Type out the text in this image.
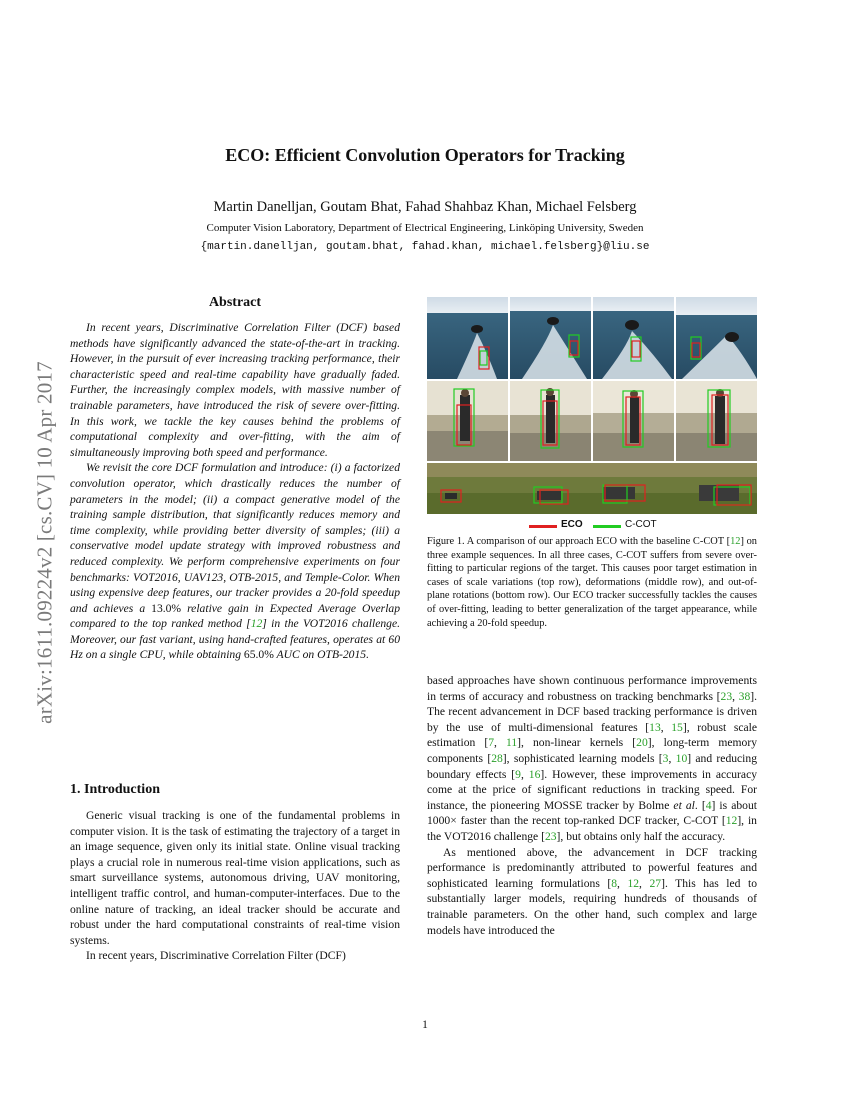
arXiv:1611.09224v2 [cs.CV] 10 Apr 2017
ECO: Efficient Convolution Operators for Tracking
Martin Danelljan, Goutam Bhat, Fahad Shahbaz Khan, Michael Felsberg
Computer Vision Laboratory, Department of Electrical Engineering, Linköping University, Sweden
{martin.danelljan, goutam.bhat, fahad.khan, michael.felsberg}@liu.se
Abstract

In recent years, Discriminative Correlation Filter (DCF) based methods have significantly advanced the state-of-the-art in tracking. However, in the pursuit of ever increasing tracking performance, their characteristic speed and real-time capability have gradually faded. Further, the increasingly complex models, with massive number of trainable parameters, have introduced the risk of severe over-fitting. In this work, we tackle the key causes behind the problems of computational complexity and over-fitting, with the aim of simultaneously improving both speed and performance.

We revisit the core DCF formulation and introduce: (i) a factorized convolution operator, which drastically reduces the number of parameters in the model; (ii) a compact generative model of the training sample distribution, that significantly reduces memory and time complexity, while providing better diversity of samples; (iii) a conservative model update strategy with improved robustness and reduced complexity. We perform comprehensive experiments on four benchmarks: VOT2016, UAV123, OTB-2015, and Temple-Color. When using expensive deep features, our tracker provides a 20-fold speedup and achieves a 13.0% relative gain in Expected Average Overlap compared to the top ranked method [12] in the VOT2016 challenge. Moreover, our fast variant, using hand-crafted features, operates at 60 Hz on a single CPU, while obtaining 65.0% AUC on OTB-2015.

1. Introduction

Generic visual tracking is one of the fundamental problems in computer vision. It is the task of estimating the trajectory of a target in an image sequence, given only its initial state. Online visual tracking plays a crucial role in numerous real-time vision applications, such as smart surveillance systems, autonomous driving, UAV monitoring, intelligent traffic control, and human-computer-interfaces. Due to the online nature of tracking, an ideal tracker should be accurate and robust under the hard computational constraints of real-time vision systems.

In recent years, Discriminative Correlation Filter (DCF)

ECO	C-COT

Figure 1. A comparison of our approach ECO with the baseline C-COT [12] on three example sequences. In all three cases, C-COT suffers from severe over-fitting to particular regions of the target. This causes poor target estimation in cases of scale variations (top row), deformations (middle row), and out-of-plane rotations (bottom row). Our ECO tracker successfully tackles the causes of over-fitting, leading to better generalization of the target appearance, while achieving a 20-fold speedup.

based approaches have shown continuous performance improvements in terms of accuracy and robustness on tracking benchmarks [23, 38]. The recent advancement in DCF based tracking performance is driven by the use of multi-dimensional features [13, 15], robust scale estimation [7, 11], non-linear kernels [20], long-term memory components [28], sophisticated learning models [3, 10] and reducing boundary effects [9, 16]. However, these improvements in accuracy come at the price of significant reductions in tracking speed. For instance, the pioneering MOSSE tracker by Bolme et al. [4] is about 1000× faster than the recent top-ranked DCF tracker, C-COT [12], in the VOT2016 challenge [23], but obtains only half the accuracy.

As mentioned above, the advancement in DCF tracking performance is predominantly attributed to powerful features and sophisticated learning formulations [8, 12, 27]. This has led to substantially larger models, requiring hundreds of thousands of trainable parameters. On the other hand, such complex and large models have introduced the

1
